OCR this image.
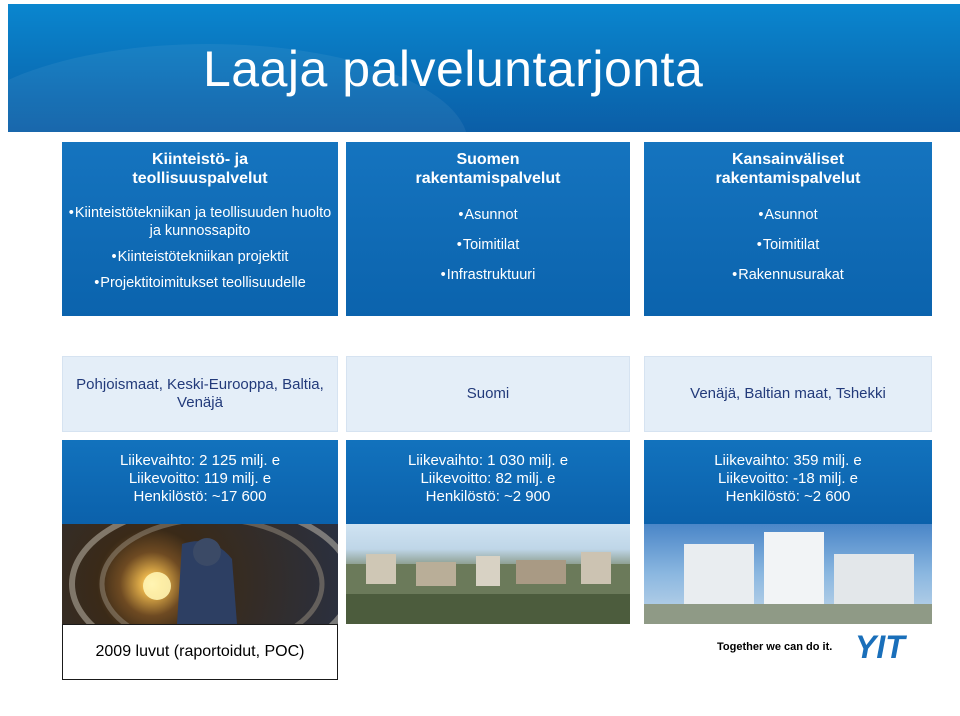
Laaja palveluntarjonta
Kiinteistö- ja
teollisuuspalvelut
• Kiinteistötekniikan ja teollisuuden huolto ja kunnossapito
• Kiinteistötekniikan projektit
• Projektitoimitukset teollisuudelle
Suomen
rakentamispalvelut
• Asunnot
• Toimitilat
• Infrastruktuuri
Kansainväliset
rakentamispalvelut
• Asunnot
• Toimitilat
• Rakennusurakat
Pohjoismaat, Keski-Eurooppa, Baltia, Venäjä
Suomi	Venäjä, Baltian maat, Tshekki
Liikevaihto: 2 125 milj. e
Liikevoitto: 119 milj. e
Henkilöstö: ~17 600
Liikevaihto: 1 030 milj. e
Liikevoitto: 82 milj. e
Henkilöstö: ~2 900
Liikevaihto: 359 milj. e
Liikevoitto: -18 milj. e
Henkilöstö: ~2 600
2009 luvut (raportoidut, POC)	Together we can do it. YIT
